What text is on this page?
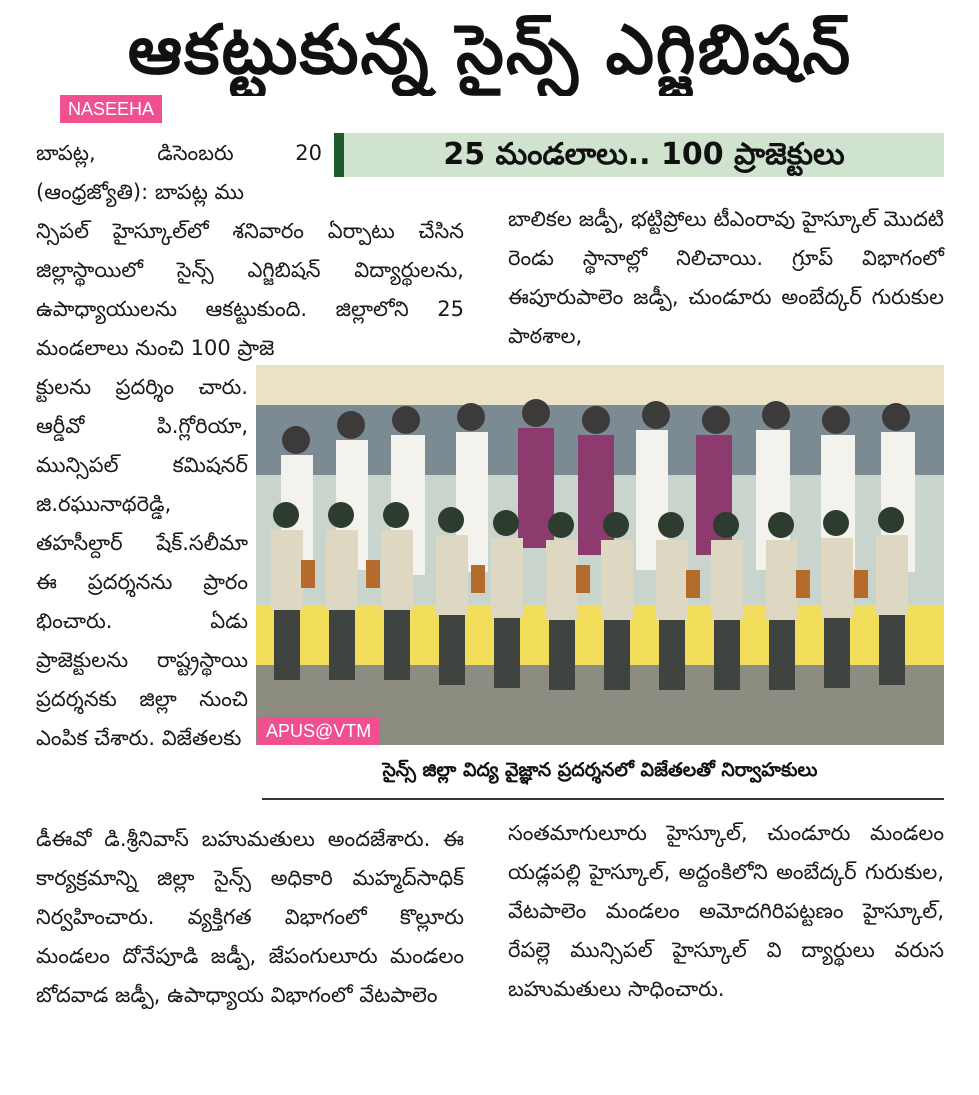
ఆకట్టుకున్న సైన్స్‌ ఎగ్జిబిషన్‌
NASEEHA
25 మండలాలు.. 100 ప్రాజెక్టులు
బాపట్ల, డిసెంబరు 20 (ఆంధ్రజ్యోతి): బాపట్ల ము
న్సిపల్‌ హైస్కూల్‌లో శనివారం ఏర్పాటు చేసిన జిల్లాస్థాయిలో సైన్స్‌ ఎగ్జిబిషన్‌ విద్యార్థులను, ఉపాధ్యాయులను ఆకట్టుకుంది. జిల్లాలోని 25 మండలాలు నుంచి 100 ప్రాజె
క్టులను ప్రదర్శిం చారు. ఆర్డీవో పి.గ్లోరియా, మున్సిపల్‌ కమిషనర్‌ జి.రఘునాథరెడ్డి, తహసీల్దార్‌ షేక్‌.సలీమా ఈ ప్రదర్శనను ప్రారం భించారు. ఏడు ప్రాజెక్టులను రాష్ట్రస్థాయి ప్రదర్శనకు జిల్లా నుంచి ఎంపిక చేశారు. విజేతలకు
బాలికల జడ్పీ, భట్టిప్రోలు టీఎంరావు హైస్కూల్‌ మొదటి రెండు స్థానాల్లో నిలిచాయి. గ్రూప్‌ విభాగంలో ఈపూరుపాలెం జడ్పీ, చుండూరు అంబేద్కర్‌ గురుకుల పాఠశాల,
APUS@VTM
సైన్స్‌ జిల్లా విద్య వైజ్ఞాన ప్రదర్శనలో విజేతలతో నిర్వాహకులు
డీఈవో డి.శ్రీనివాస్‌ బహుమతులు అందజేశారు. ఈ కార్యక్రమాన్ని జిల్లా సైన్స్‌ అధికారి మహ్మద్‌సాధిక్‌ నిర్వహించారు. వ్యక్తిగత విభాగంలో కొల్లూరు మండలం దోనేపూడి జడ్పీ, జేపంగులూరు మండలం బోదవాడ జడ్పీ, ఉపాధ్యాయ విభాగంలో వేటపాలెం
సంతమాగులూరు హైస్కూల్‌, చుండూరు మండలం యడ్లపల్లి హైస్కూల్‌, అద్దంకిలోని అంబేద్కర్‌ గురుకుల, వేటపాలెం మండలం అమోదగిరిపట్టణం హైస్కూల్‌, రేపల్లె మున్సిపల్‌ హైస్కూల్‌ వి ద్యార్థులు వరుస బహుమతులు సాధించారు.
